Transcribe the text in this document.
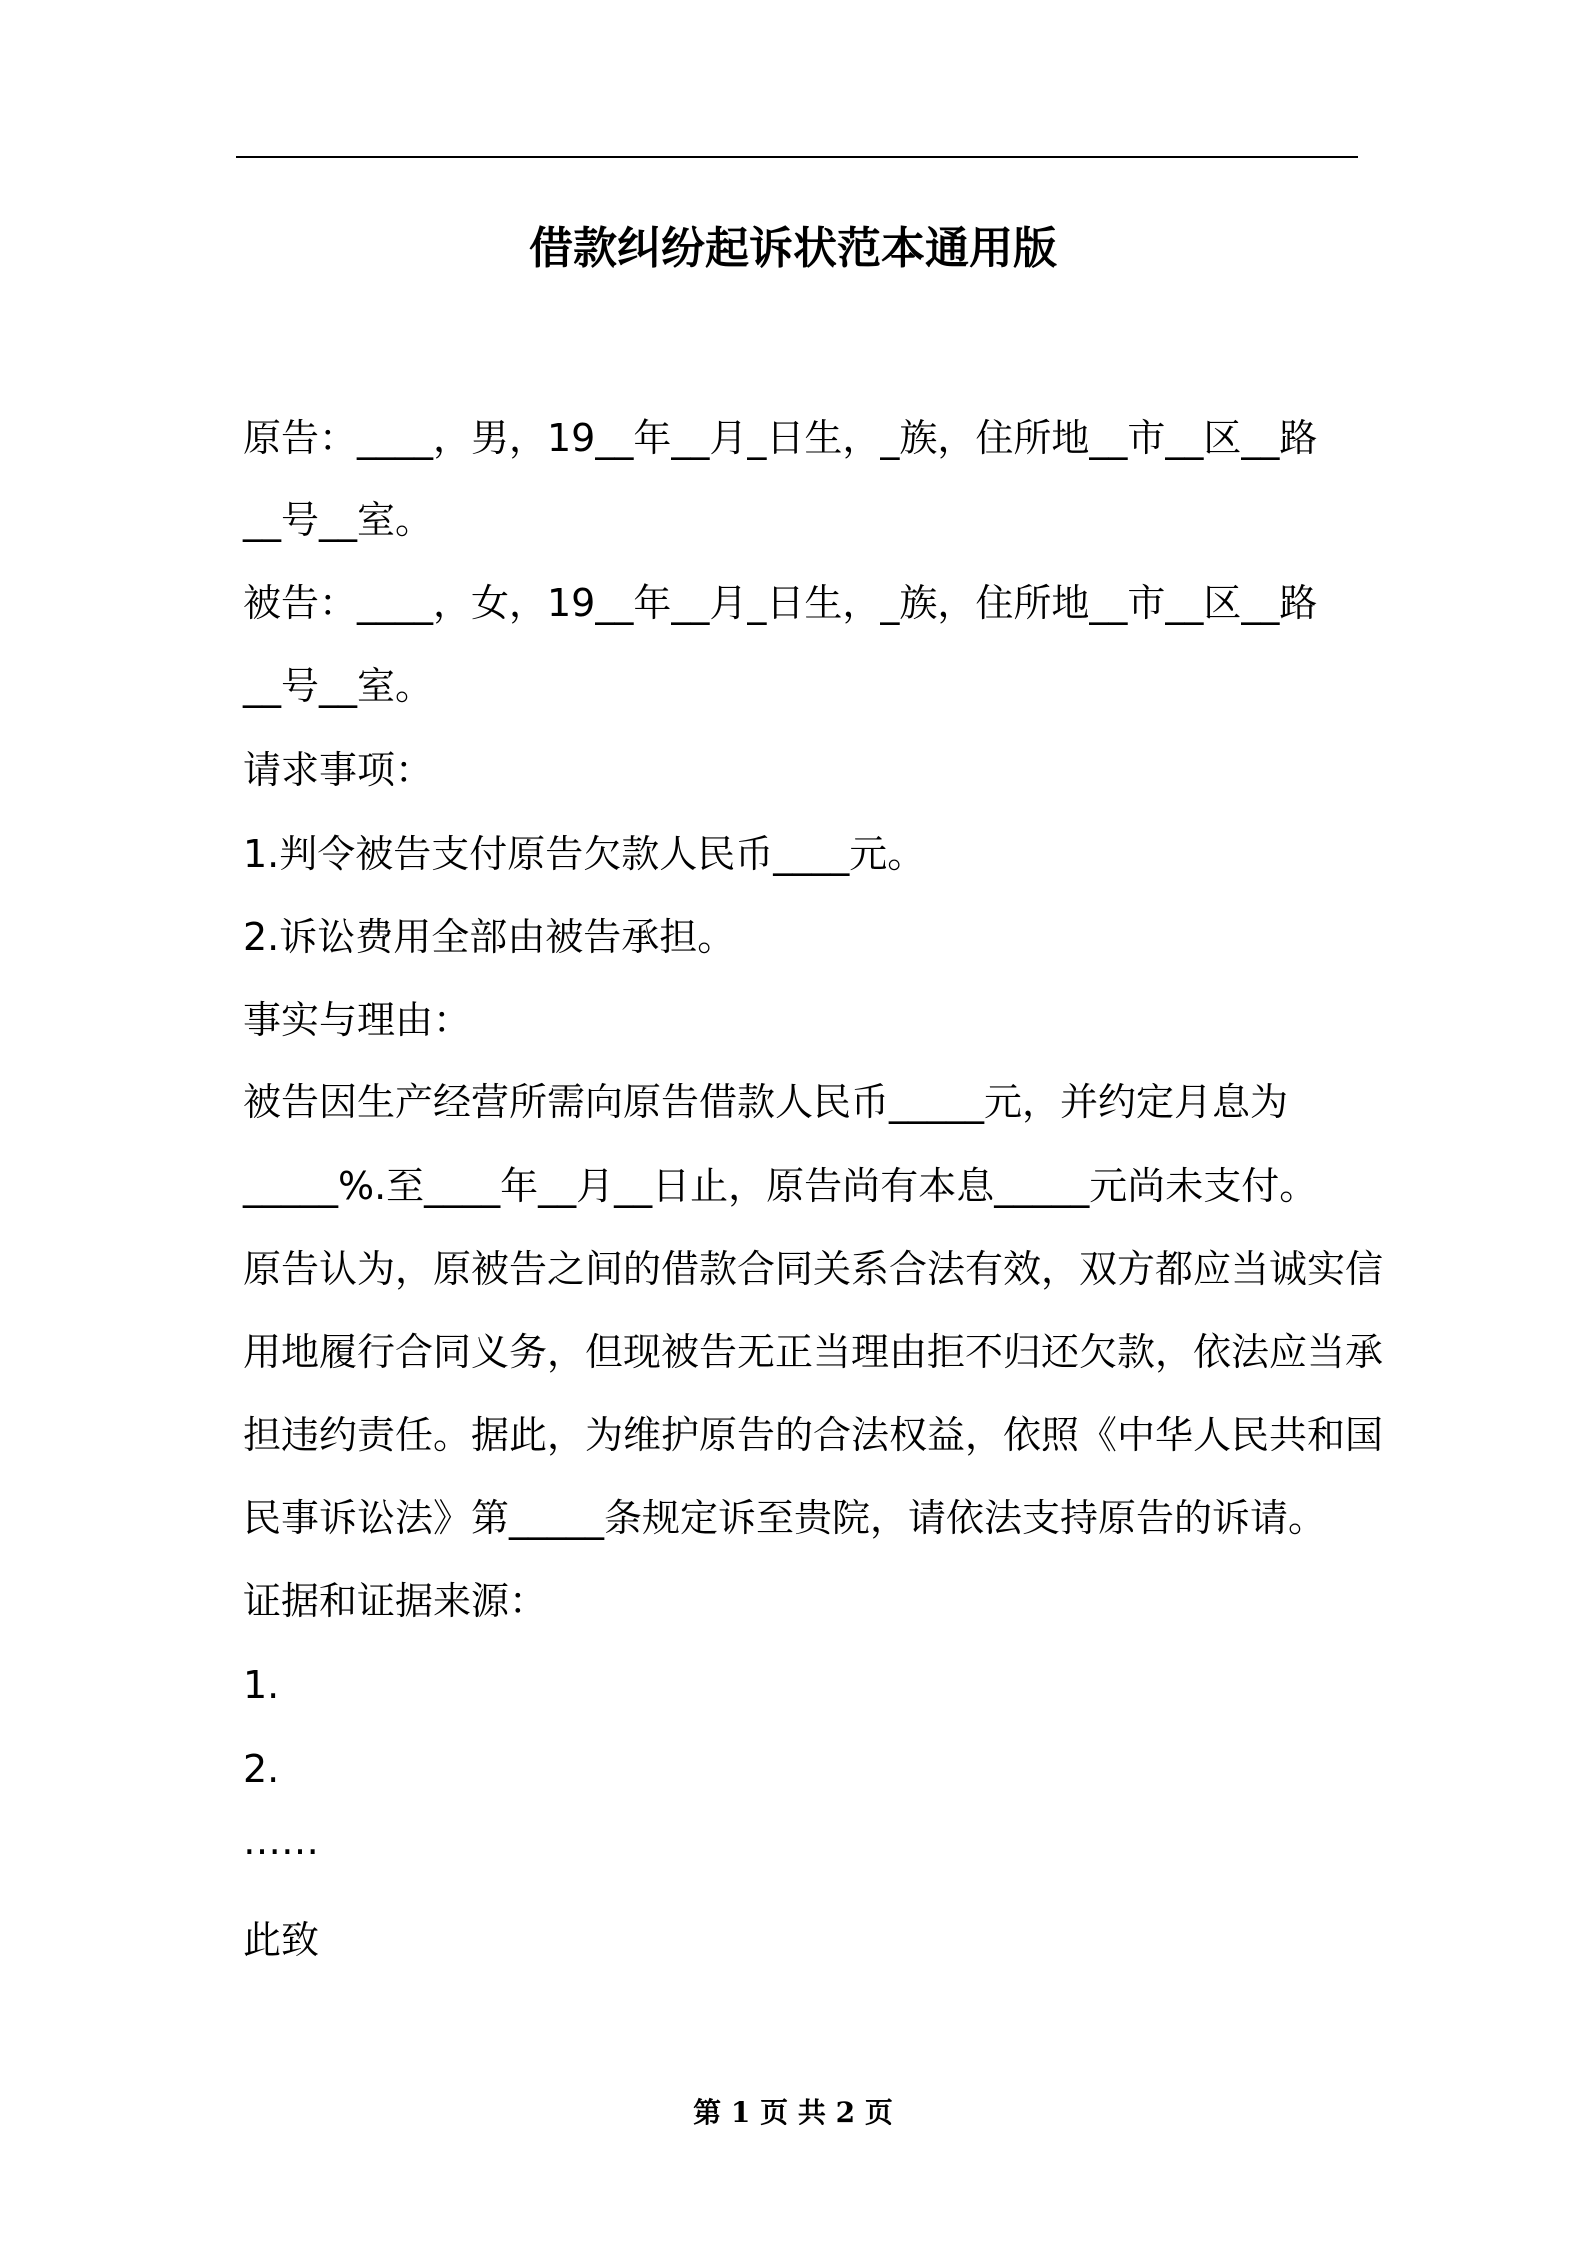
借款纠纷起诉状范本通用版
原告：____，男，19__年__月_日生，_族，住所地__市__区__路
__号__室。
被告：____，女，19__年__月_日生，_族，住所地__市__区__路
__号__室。
请求事项：
1.判令被告支付原告欠款人民币____元。
2.诉讼费用全部由被告承担。
事实与理由：
被告因生产经营所需向原告借款人民币_____元，并约定月息为
_____%.至____年__月__日止，原告尚有本息_____元尚未支付。
原告认为，原被告之间的借款合同关系合法有效，双方都应当诚实信
用地履行合同义务，但现被告无正当理由拒不归还欠款，依法应当承
担违约责任。据此，为维护原告的合法权益，依照《中华人民共和国
民事诉讼法》第_____条规定诉至贵院，请依法支持原告的诉请。
证据和证据来源：
1.
2.
……
此致
第 1 页 共 2 页
